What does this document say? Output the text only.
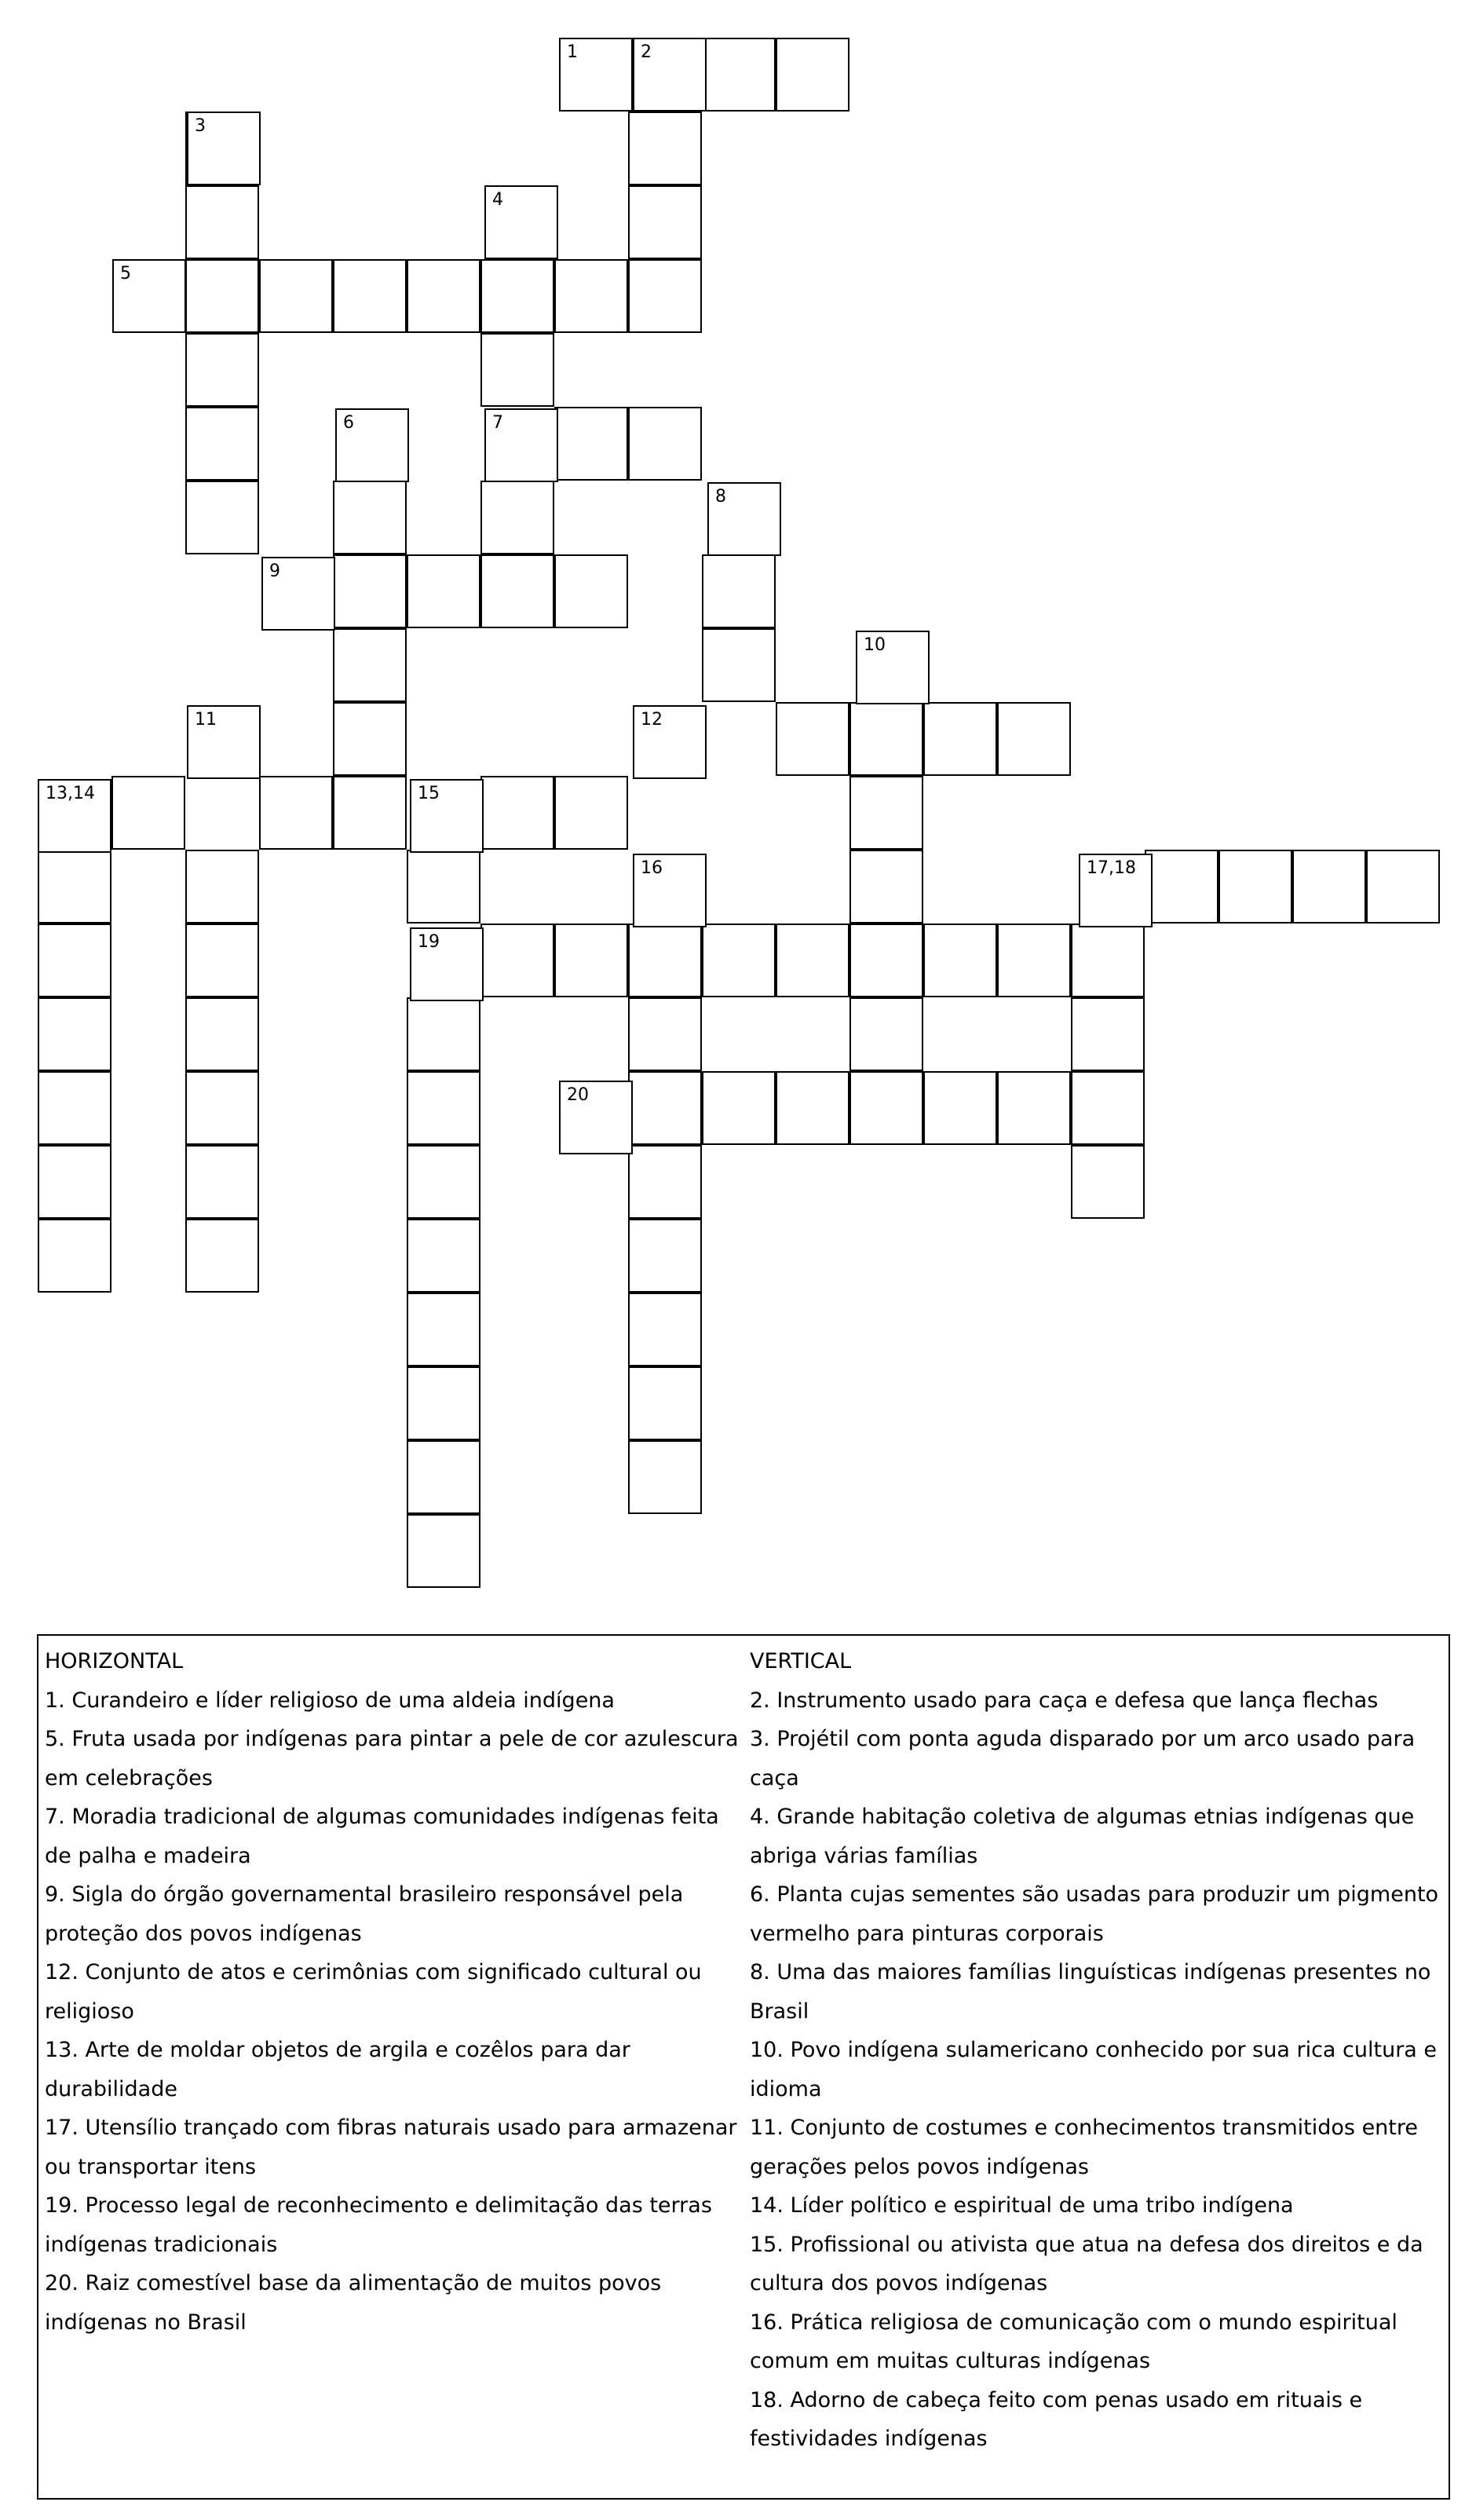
1	2
3
4
5
6	7
8
9
10
11	12
13,14	15
16	17,18
19
20

HORIZONTAL

1. Curandeiro e líder religioso de uma aldeia indígena

5. Fruta usada por indígenas para pintar a pele de cor azulescura em celebrações

7. Moradia tradicional de algumas comunidades indígenas feita de palha e madeira

9. Sigla do órgão governamental brasileiro responsável pela proteção dos povos indígenas

12. Conjunto de atos e cerimônias com significado cultural ou religioso

13. Arte de moldar objetos de argila e cozêlos para dar durabilidade

17. Utensílio trançado com fibras naturais usado para armazenar ou transportar itens

19. Processo legal de reconhecimento e delimitação das terras indígenas tradicionais

20. Raiz comestível base da alimentação de muitos povos indígenas no Brasil

VERTICAL

2. Instrumento usado para caça e defesa que lança flechas

3. Projétil com ponta aguda disparado por um arco usado para caça

4. Grande habitação coletiva de algumas etnias indígenas que abriga várias famílias

6. Planta cujas sementes são usadas para produzir um pigmento vermelho para pinturas corporais

8. Uma das maiores famílias linguísticas indígenas presentes no Brasil

10. Povo indígena sulamericano conhecido por sua rica cultura e idioma

11. Conjunto de costumes e conhecimentos transmitidos entre gerações pelos povos indígenas

14. Líder político e espiritual de uma tribo indígena

15. Profissional ou ativista que atua na defesa dos direitos e da cultura dos povos indígenas

16. Prática religiosa de comunicação com o mundo espiritual comum em muitas culturas indígenas

18. Adorno de cabeça feito com penas usado em rituais e festividades indígenas
